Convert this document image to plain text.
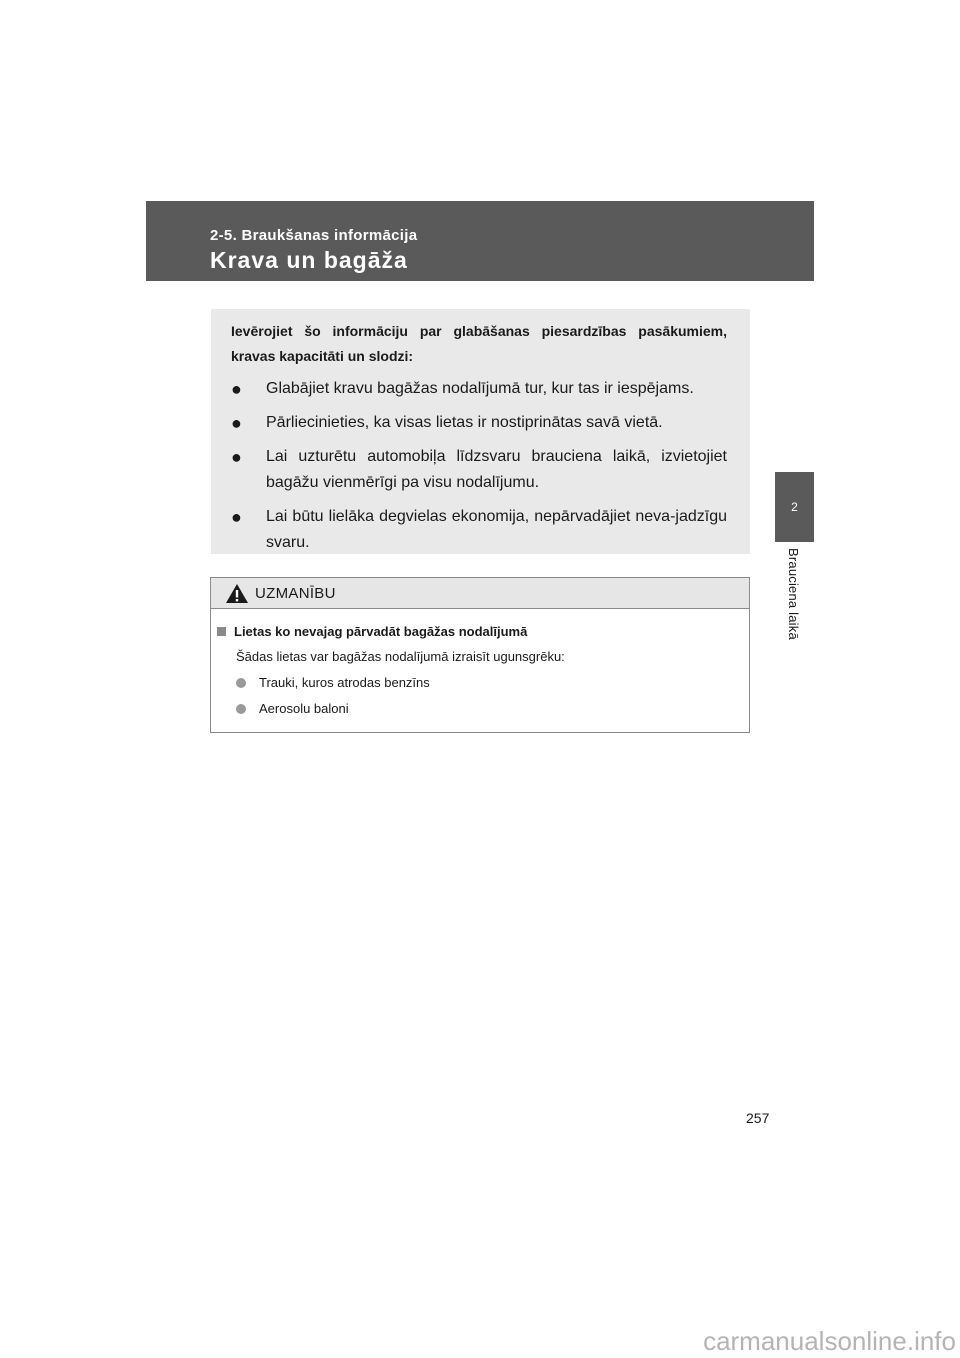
2-5. Braukšanas informācija
Krava un bagāža
2
Brauciena laikā

Ievērojiet šo informāciju par glabāšanas piesardzības pasākumiem, kravas kapacitāti un slodzi:

● Glabājiet kravu bagāžas nodalījumā tur, kur tas ir iespējams.
● Pārliecinieties, ka visas lietas ir nostiprinātas savā vietā.
● Lai uzturētu automobiļa līdzsvaru brauciena laikā, izvietojiet bagāžu vienmērīgi pa visu nodalījumu.
● Lai būtu lielāka degvielas ekonomija, nepārvadājiet neva-jadzīgu svaru.
UZMANĪBU
Lietas ko nevajag pārvadāt bagāžas nodalījumā
Šādas lietas var bagāžas nodalījumā izraisīt ugunsgrēku:
Trauki, kuros atrodas benzīns
Aerosolu baloni
257
carmanualsonline.info
